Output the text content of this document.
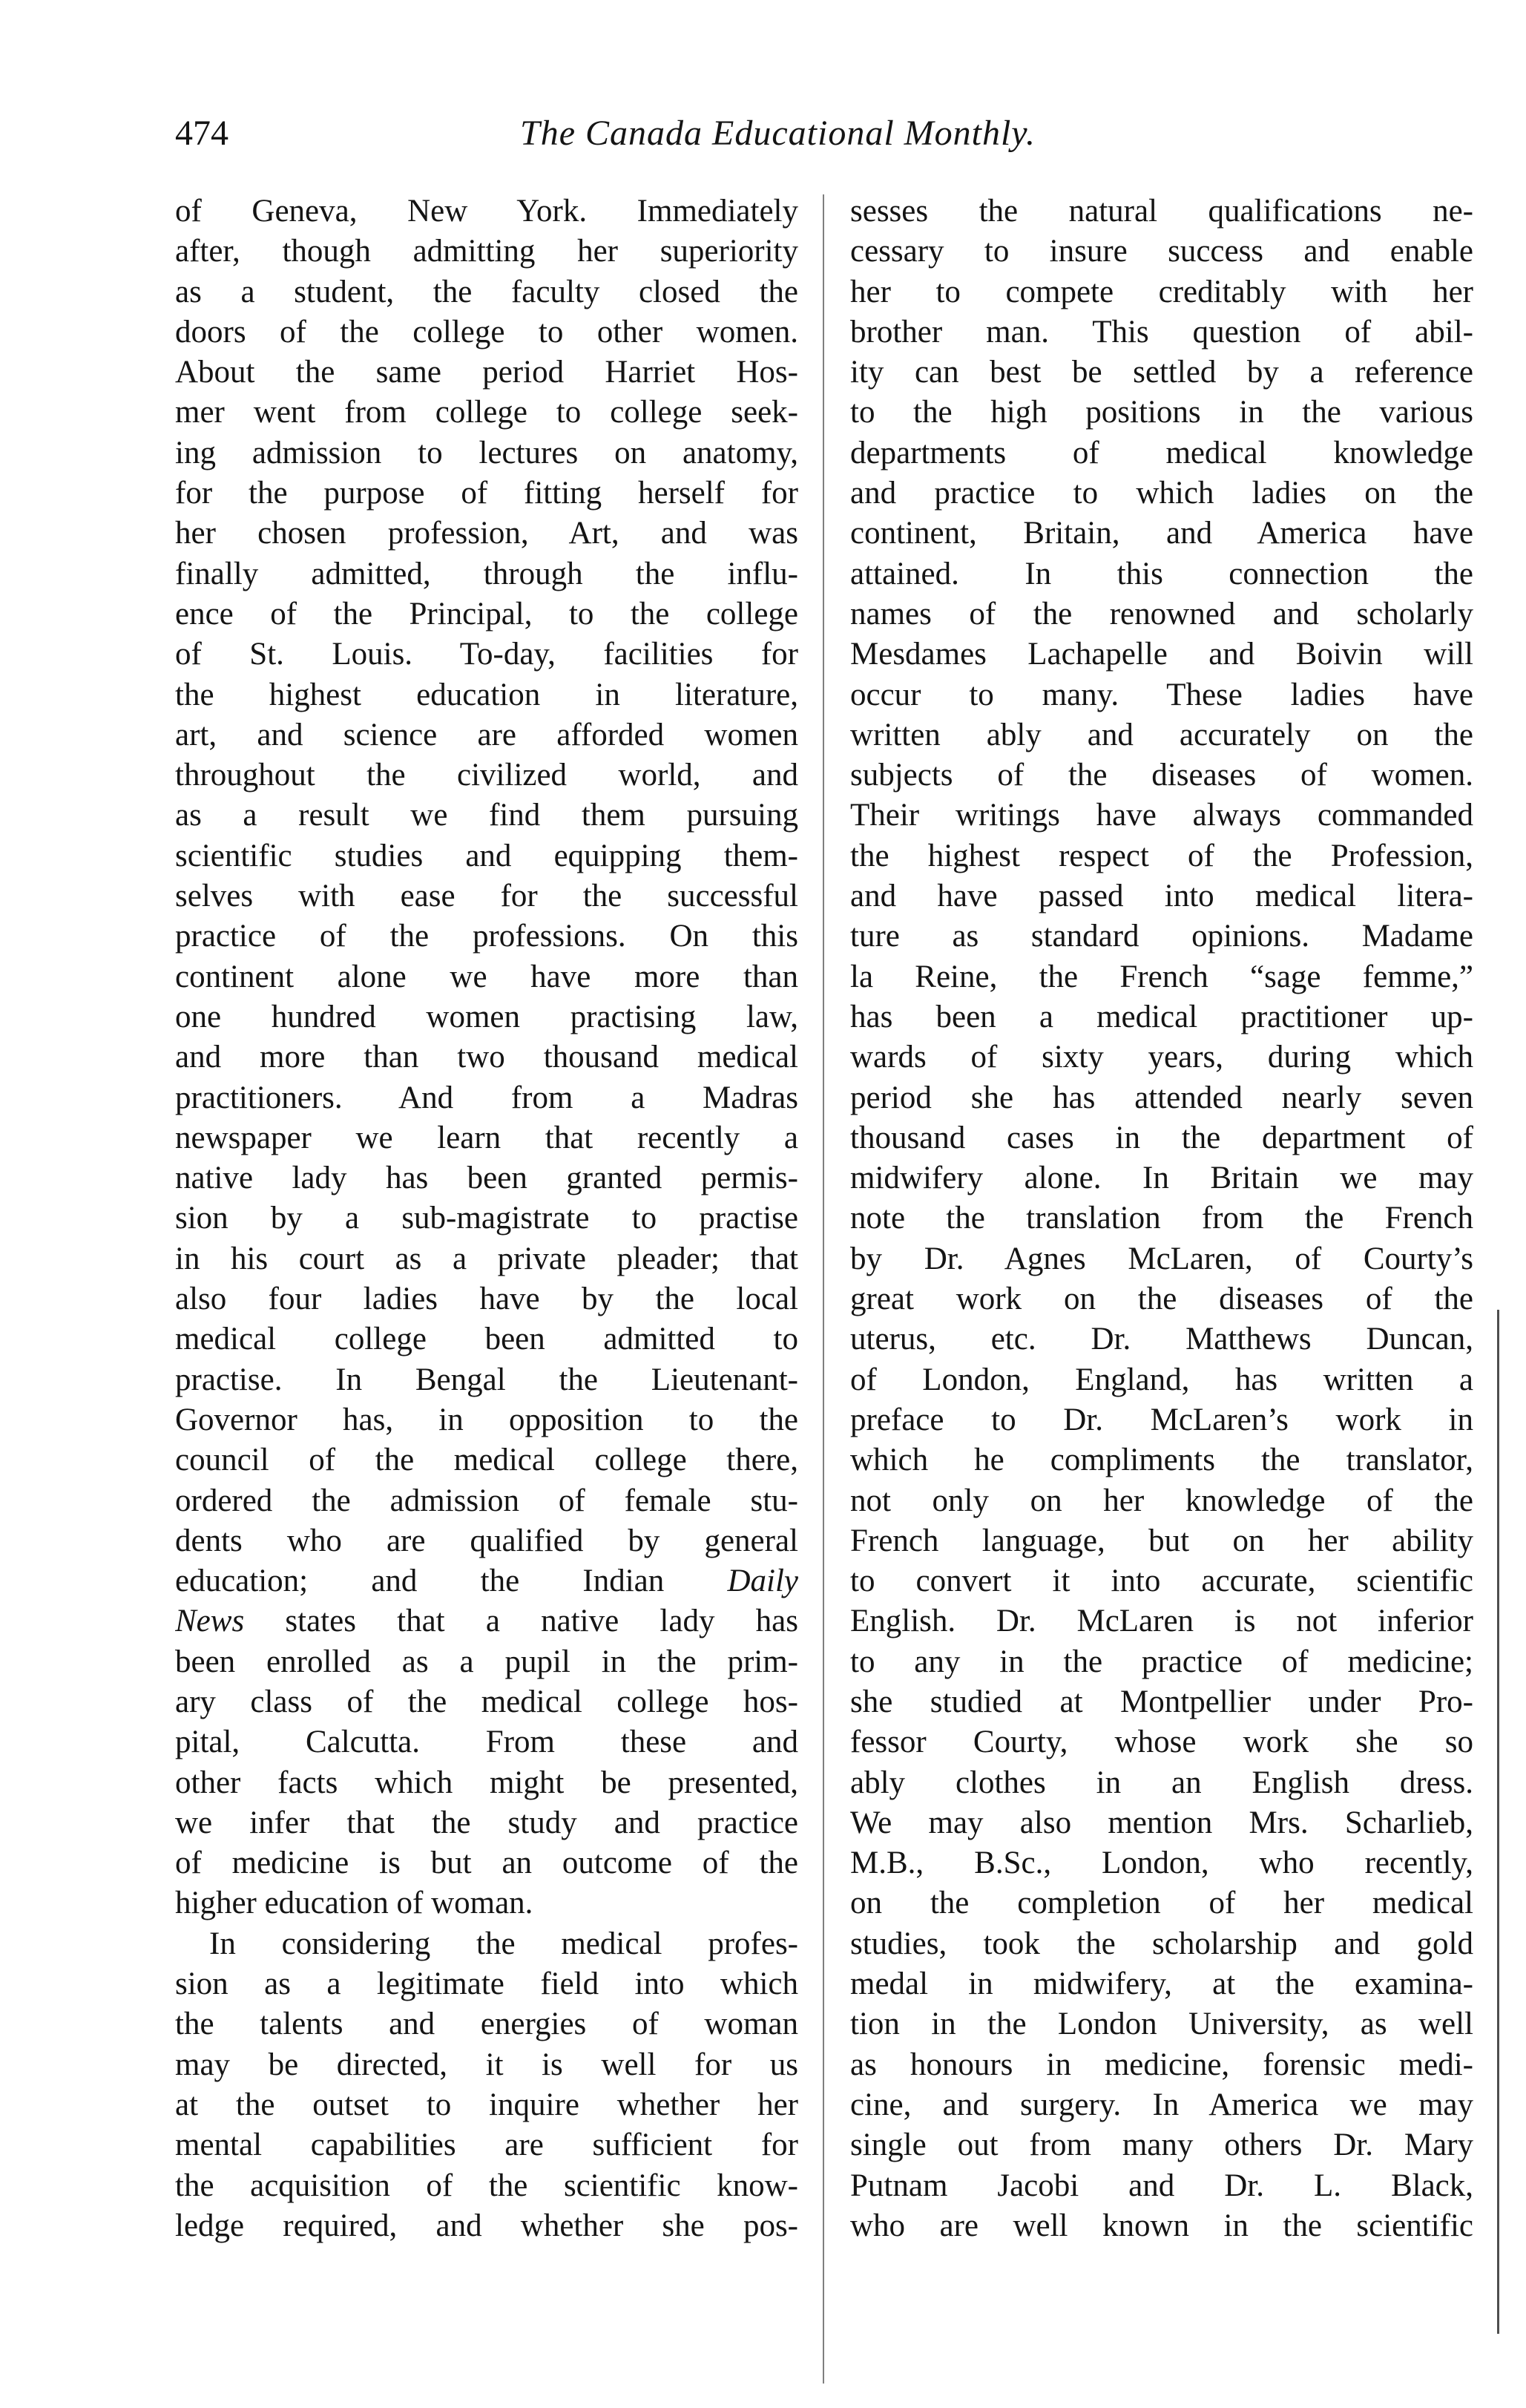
474	The Canada Educational Monthly.
of Geneva, New York. Immediately
after, though admitting her superiority
as a student, the faculty closed the
doors of the college to other women.
About the same period Harriet Hos-
mer went from college to college seek-
ing admission to lectures on anatomy,
for the purpose of fitting herself for
her chosen profession, Art, and was
finally admitted, through the influ-
ence of the Principal, to the college
of St. Louis. To-day, facilities for
the highest education in literature,
art, and science are afforded women
throughout the civilized world, and
as a result we find them pursuing
scientific studies and equipping them-
selves with ease for the successful
practice of the professions. On this
continent alone we have more than
one hundred women practising law,
and more than two thousand medical
practitioners. And from a Madras
newspaper we learn that recently a
native lady has been granted permis-
sion by a sub-magistrate to practise
in his court as a private pleader; that
also four ladies have by the local
medical college been admitted to
practise. In Bengal the Lieutenant-
Governor has, in opposition to the
council of the medical college there,
ordered the admission of female stu-
dents who are qualified by general
education; and the Indian Daily
News states that a native lady has
been enrolled as a pupil in the prim-
ary class of the medical college hos-
pital, Calcutta. From these and
other facts which might be presented,
we infer that the study and practice
of medicine is but an outcome of the
higher education of woman.
In considering the medical profes-
sion as a legitimate field into which
the talents and energies of woman
may be directed, it is well for us
at the outset to inquire whether her
mental capabilities are sufficient for
the acquisition of the scientific know-
ledge required, and whether she pos-
sesses the natural qualifications ne-
cessary to insure success and enable
her to compete creditably with her
brother man. This question of abil-
ity can best be settled by a reference
to the high positions in the various
departments of medical knowledge
and practice to which ladies on the
continent, Britain, and America have
attained. In this connection the
names of the renowned and scholarly
Mesdames Lachapelle and Boivin will
occur to many. These ladies have
written ably and accurately on the
subjects of the diseases of women.
Their writings have always commanded
the highest respect of the Profession,
and have passed into medical litera-
ture as standard opinions. Madame
la Reine, the French “sage femme,”
has been a medical practitioner up-
wards of sixty years, during which
period she has attended nearly seven
thousand cases in the department of
midwifery alone. In Britain we may
note the translation from the French
by Dr. Agnes McLaren, of Courty’s
great work on the diseases of the
uterus, etc. Dr. Matthews Duncan,
of London, England, has written a
preface to Dr. McLaren’s work in
which he compliments the translator,
not only on her knowledge of the
French language, but on her ability
to convert it into accurate, scientific
English. Dr. McLaren is not inferior
to any in the practice of medicine;
she studied at Montpellier under Pro-
fessor Courty, whose work she so
ably clothes in an English dress.
We may also mention Mrs. Scharlieb,
M.B., B.Sc., London, who recently,
on the completion of her medical
studies, took the scholarship and gold
medal in midwifery, at the examina-
tion in the London University, as well
as honours in medicine, forensic medi-
cine, and surgery. In America we may
single out from many others Dr. Mary
Putnam Jacobi and Dr. L. Black,
who are well known in the scientific
